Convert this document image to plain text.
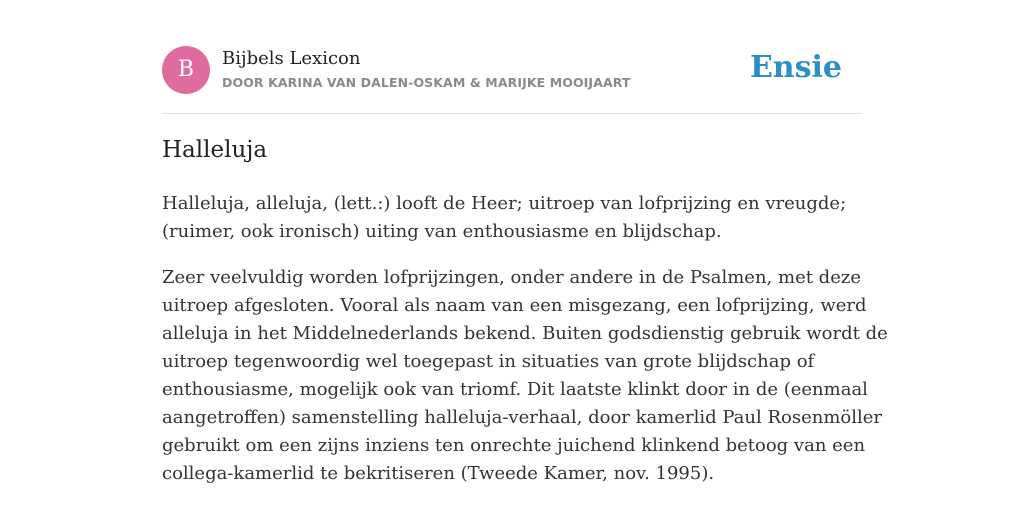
B	Bijbels Lexicon
DOOR KARINA VAN DALEN-OSKAM & MARIJKE MOOIJAART	Ensie
Halleluja

Halleluja, alleluja, (lett.:) looft de Heer; uitroep van lofprijzing en vreugde;
(ruimer, ook ironisch) uiting van enthousiasme en blijdschap.

Zeer veelvuldig worden lofprijzingen, onder andere in de Psalmen, met deze
uitroep afgesloten. Vooral als naam van een misgezang, een lofprijzing, werd
alleluja in het Middelnederlands bekend. Buiten godsdienstig gebruik wordt de
uitroep tegenwoordig wel toegepast in situaties van grote blijdschap of
enthousiasme, mogelijk ook van triomf. Dit laatste klinkt door in de (eenmaal
aangetroffen) samenstelling halleluja-verhaal, door kamerlid Paul Rosenmöller
gebruikt om een zijns inziens ten onrechte juichend klinkend betoog van een
collega-kamerlid te bekritiseren (Tweede Kamer, nov. 1995).
